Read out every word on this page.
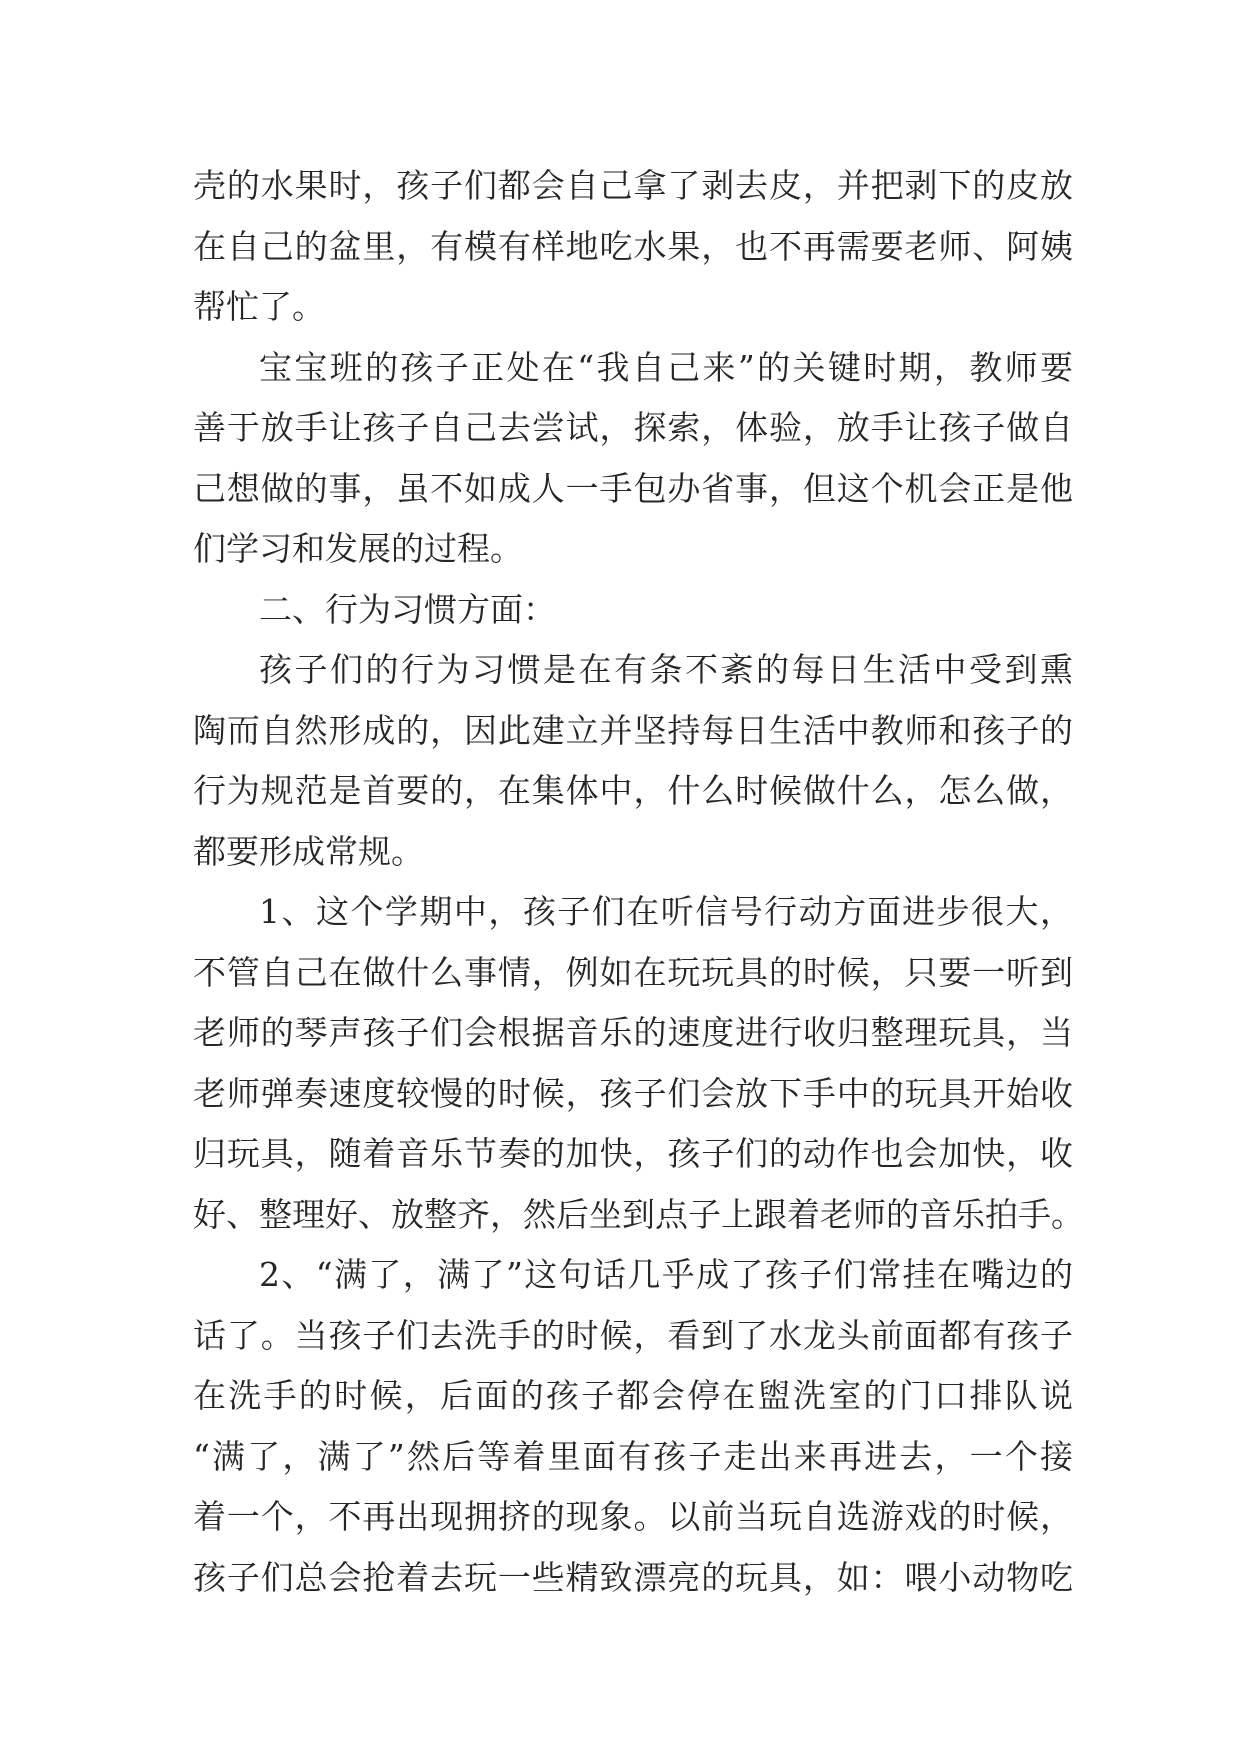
壳的水果时，孩子们都会自己拿了剥去皮，并把剥下的皮放
在自己的盆里，有模有样地吃水果，也不再需要老师、阿姨
帮忙了。
宝宝班的孩子正处在“我自己来”的关键时期，教师要
善于放手让孩子自己去尝试，探索，体验，放手让孩子做自
己想做的事，虽不如成人一手包办省事，但这个机会正是他
们学习和发展的过程。
二、行为习惯方面：
孩子们的行为习惯是在有条不紊的每日生活中受到熏
陶而自然形成的，因此建立并坚持每日生活中教师和孩子的
行为规范是首要的，在集体中，什么时候做什么，怎么做，
都要形成常规。
1、这个学期中，孩子们在听信号行动方面进步很大，
不管自己在做什么事情，例如在玩玩具的时候，只要一听到
老师的琴声孩子们会根据音乐的速度进行收归整理玩具，当
老师弹奏速度较慢的时候，孩子们会放下手中的玩具开始收
归玩具，随着音乐节奏的加快，孩子们的动作也会加快，收
好、整理好、放整齐，然后坐到点子上跟着老师的音乐拍手。
2、“满了，满了”这句话几乎成了孩子们常挂在嘴边的
话了。当孩子们去洗手的时候，看到了水龙头前面都有孩子
在洗手的时候，后面的孩子都会停在盥洗室的门口排队说
“满了，满了”然后等着里面有孩子走出来再进去，一个接
着一个，不再出现拥挤的现象。以前当玩自选游戏的时候，
孩子们总会抢着去玩一些精致漂亮的玩具，如：喂小动物吃
